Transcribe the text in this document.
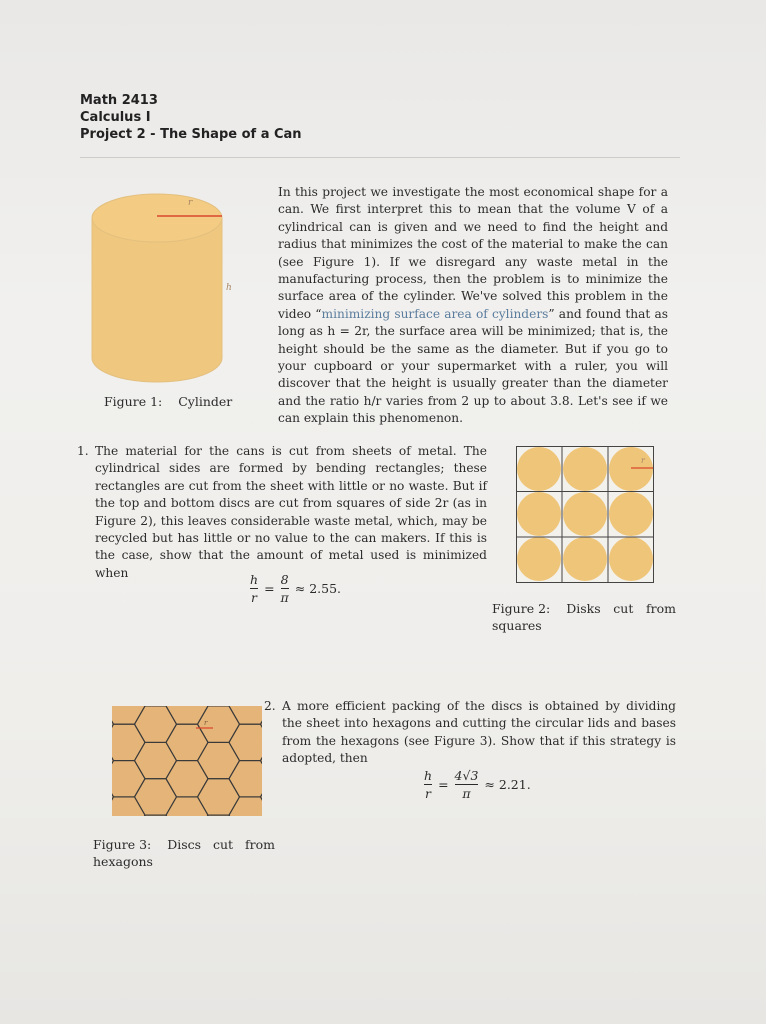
Math 2413
Calculus I
Project 2 - The Shape of a Can
r
h
Figure 1: Cylinder
In this project we investigate the most economical shape for a can. We first interpret this to mean that the volume V of a cylindrical can is given and we need to find the height and radius that minimizes the cost of the material to make the can (see Figure 1). If we disregard any waste metal in the manufacturing process, then the problem is to minimize the surface area of the cylinder. We've solved this problem in the video “minimizing surface area of cylinders” and found that as long as h = 2r, the surface area will be minimized; that is, the height should be the same as the diameter. But if you go to your cupboard or your supermarket with a ruler, you will discover that the height is usually greater than the diameter and the ratio h/r varies from 2 up to about 3.8. Let's see if we can explain this phenomenon.
1. The material for the cans is cut from sheets of metal. The cylindrical sides are formed by bending rectangles; these rectangles are cut from the sheet with little or no waste. But if the top and bottom discs are cut from squares of side 2r (as in Figure 2), this leaves considerable waste metal, which, may be recycled but has little or no value to the can makers. If this is the case, show that the amount of metal used is minimized when	$\frac{h}{r} = \frac{8}{\pi} \approx 2.55$.
r
Figure 2: Disks cut from squares
r
Figure 3: Discs cut from hexagons
2. A more efficient packing of the discs is obtained by dividing the sheet into hexagons and cutting the circular lids and bases from the hexagons (see Figure 3). Show that if this strategy is adopted, then
$\frac{h}{r} = \frac{4√3}{\pi} \approx 2.21$.
